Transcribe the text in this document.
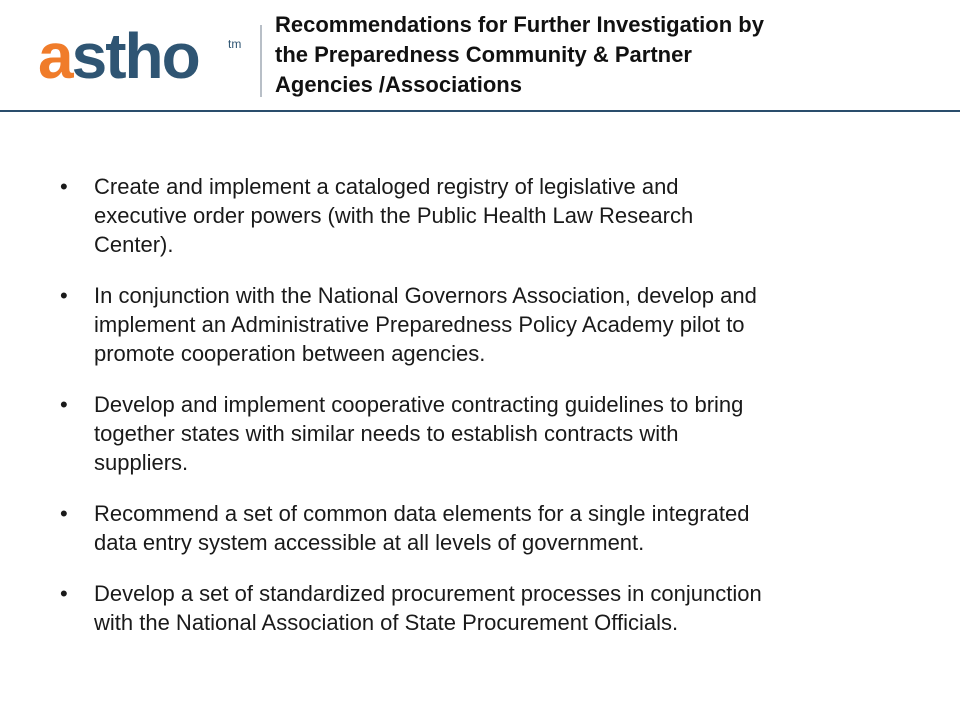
astho tm
Recommendations for Further Investigation by
the Preparedness Community & Partner
Agencies /Associations
• Create and implement a cataloged registry of legislative and
executive order powers (with the Public Health Law Research
Center).
• In conjunction with the National Governors Association, develop and
implement an Administrative Preparedness Policy Academy pilot to
promote cooperation between agencies.
• Develop and implement cooperative contracting guidelines to bring
together states with similar needs to establish contracts with
suppliers.
• Recommend a set of common data elements for a single integrated
data entry system accessible at all levels of government.
• Develop a set of standardized procurement processes in conjunction
with the National Association of State Procurement Officials.
